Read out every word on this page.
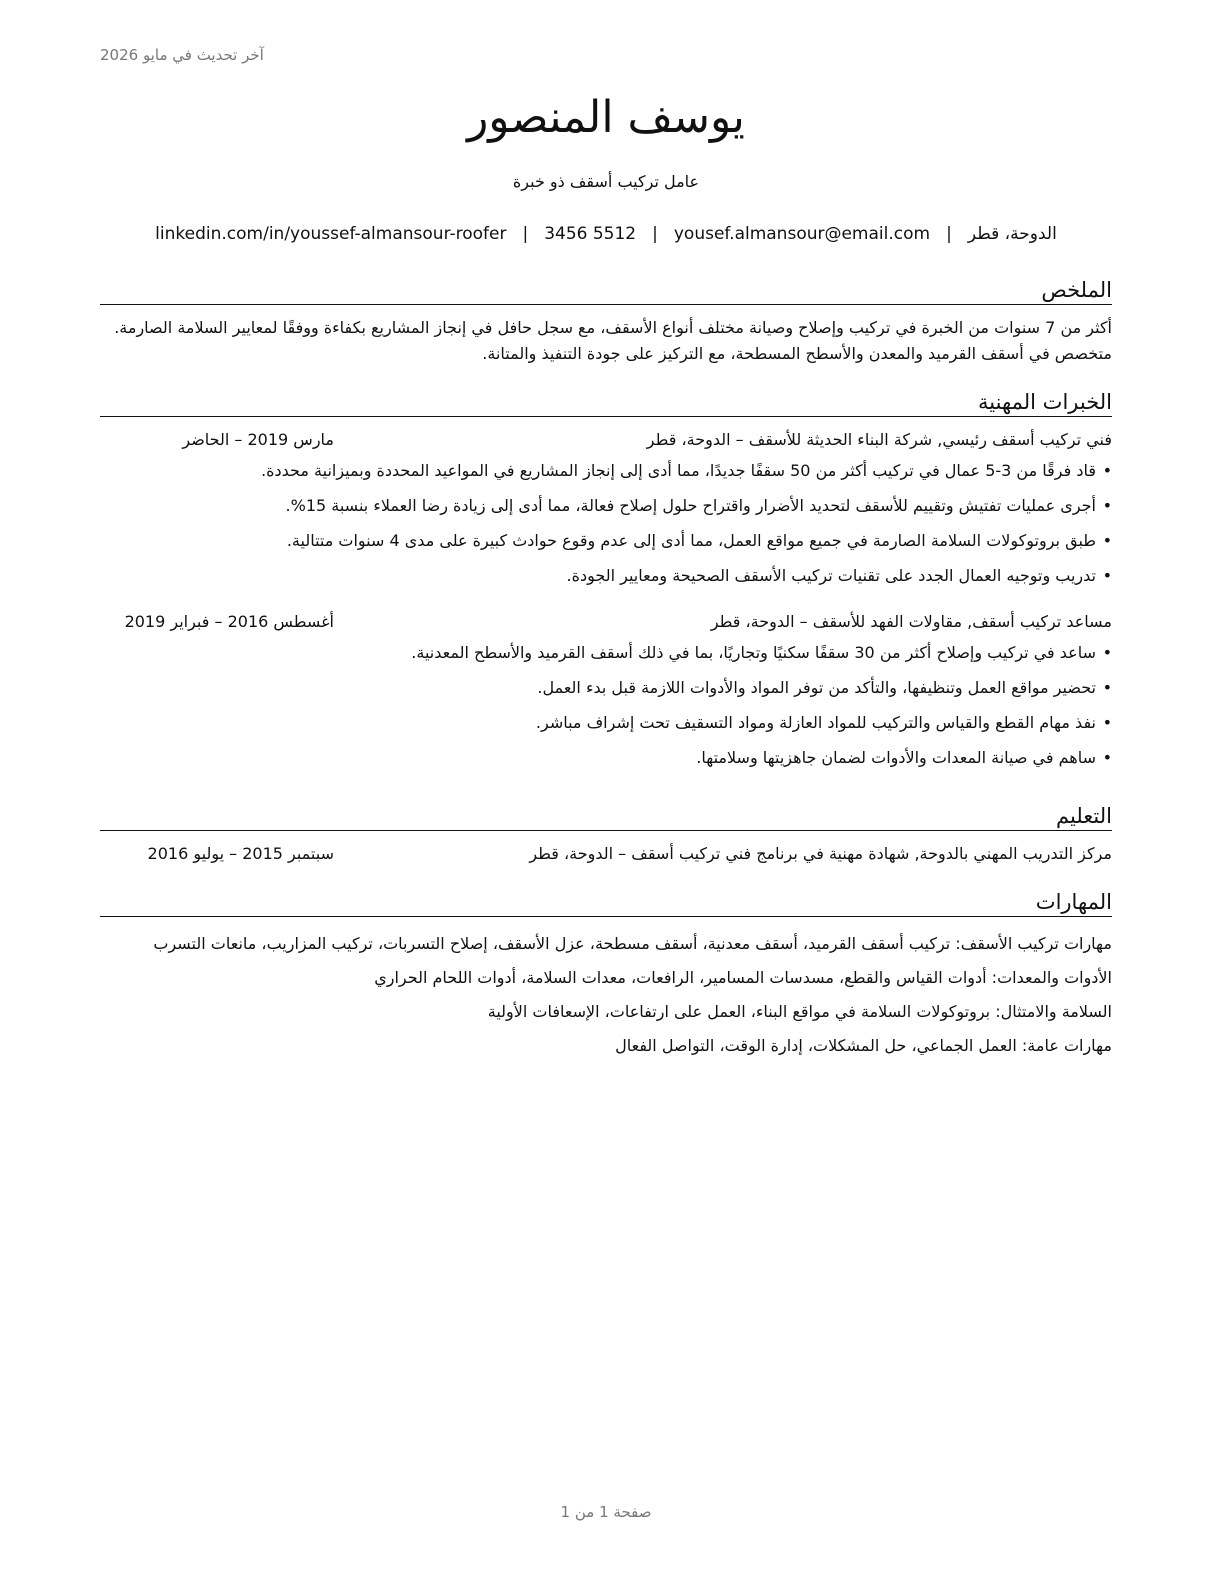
آخر تحديث في مايو 2026
يوسف المنصور
عامل تركيب أسقف ذو خبرة
linkedin.com/in/youssef-almansour-roofer | 3456 5512 | yousef.almansour@email.com | الدوحة، قطر
الملخص
أكثر من 7 سنوات من الخبرة في تركيب وإصلاح وصيانة مختلف أنواع الأسقف، مع سجل حافل في إنجاز المشاريع بكفاءة ووفقًا لمعايير السلامة الصارمة. متخصص في أسقف القرميد والمعدن والأسطح المسطحة، مع التركيز على جودة التنفيذ والمتانة.
الخبرات المهنية
فني تركيب أسقف رئيسي, شركة البناء الحديثة للأسقف – الدوحة، قطر
مارس 2019 – الحاضر
• قاد فرقًا من 3-5 عمال في تركيب أكثر من 50 سقفًا جديدًا، مما أدى إلى إنجاز المشاريع في المواعيد المحددة وبميزانية محددة.
• أجرى عمليات تفتيش وتقييم للأسقف لتحديد الأضرار واقتراح حلول إصلاح فعالة، مما أدى إلى زيادة رضا العملاء بنسبة 15%.
• طبق بروتوكولات السلامة الصارمة في جميع مواقع العمل، مما أدى إلى عدم وقوع حوادث كبيرة على مدى 4 سنوات متتالية.
• تدريب وتوجيه العمال الجدد على تقنيات تركيب الأسقف الصحيحة ومعايير الجودة.
مساعد تركيب أسقف, مقاولات الفهد للأسقف – الدوحة، قطر
أغسطس 2016 – فبراير 2019
• ساعد في تركيب وإصلاح أكثر من 30 سقفًا سكنيًا وتجاريًا، بما في ذلك أسقف القرميد والأسطح المعدنية.
• تحضير مواقع العمل وتنظيفها، والتأكد من توفر المواد والأدوات اللازمة قبل بدء العمل.
• نفذ مهام القطع والقياس والتركيب للمواد العازلة ومواد التسقيف تحت إشراف مباشر.
• ساهم في صيانة المعدات والأدوات لضمان جاهزيتها وسلامتها.
التعليم
مركز التدريب المهني بالدوحة, شهادة مهنية في برنامج فني تركيب أسقف – الدوحة، قطر
سبتمبر 2015 – يوليو 2016
المهارات
مهارات تركيب الأسقف: تركيب أسقف القرميد، أسقف معدنية، أسقف مسطحة، عزل الأسقف، إصلاح التسربات، تركيب المزاريب، مانعات التسرب
الأدوات والمعدات: أدوات القياس والقطع، مسدسات المسامير، الرافعات، معدات السلامة، أدوات اللحام الحراري
السلامة والامتثال: بروتوكولات السلامة في مواقع البناء، العمل على ارتفاعات، الإسعافات الأولية
مهارات عامة: العمل الجماعي، حل المشكلات، إدارة الوقت، التواصل الفعال
صفحة 1 من 1
